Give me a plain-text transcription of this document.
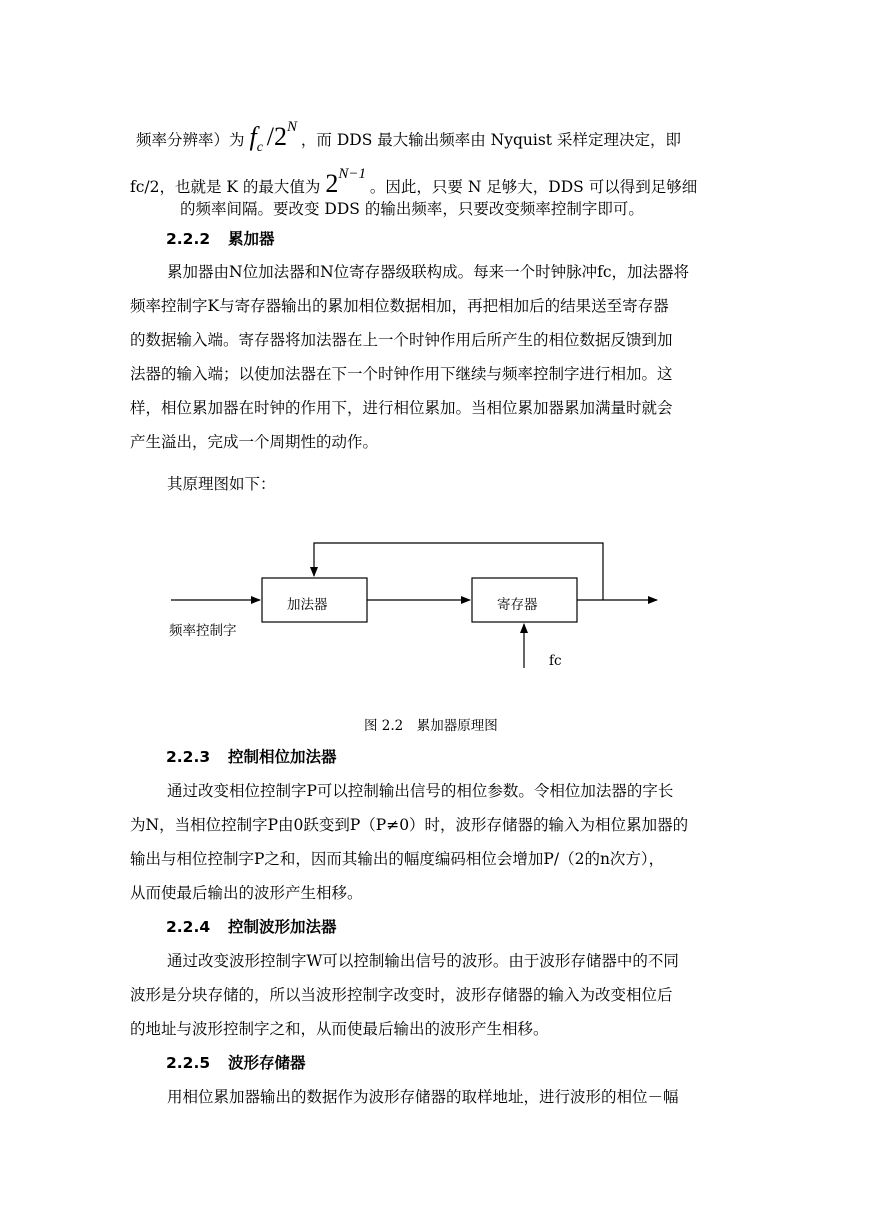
频率分辨率）为 $f_c$ $/2^N$ ，而 DDS 最大输出频率由 Nyquist 采样定理决定，即
fc/2，也就是 K 的最大值为 $2^{N-1}$ 。因此，只要 N 足够大，DDS 可以得到足够细
的频率间隔。要改变 DDS 的输出频率，只要改变频率控制字即可。
2.2.2 累加器
累加器由N位加法器和N位寄存器级联构成。每来一个时钟脉冲fc，加法器将
频率控制字K与寄存器输出的累加相位数据相加，再把相加后的结果送至寄存器
的数据输入端。寄存器将加法器在上一个时钟作用后所产生的相位数据反馈到加
法器的输入端；以使加法器在下一个时钟作用下继续与频率控制字进行相加。这
样，相位累加器在时钟的作用下，进行相位累加。当相位累加器累加满量时就会
产生溢出，完成一个周期性的动作。
其原理图如下：
加法器	寄存器
频率控制字
fc
图 2.2　累加器原理图
2.2.3 控制相位加法器
通过改变相位控制字P可以控制输出信号的相位参数。令相位加法器的字长
为N，当相位控制字P由0跃变到P（P≠0）时，波形存储器的输入为相位累加器的
输出与相位控制字P之和，因而其输出的幅度编码相位会增加P/（2的n次方），
从而使最后输出的波形产生相移。
2.2.4 控制波形加法器
通过改变波形控制字W可以控制输出信号的波形。由于波形存储器中的不同
波形是分块存储的，所以当波形控制字改变时，波形存储器的输入为改变相位后
的地址与波形控制字之和，从而使最后输出的波形产生相移。
2.2.5 波形存储器
用相位累加器输出的数据作为波形存储器的取样地址，进行波形的相位－幅
